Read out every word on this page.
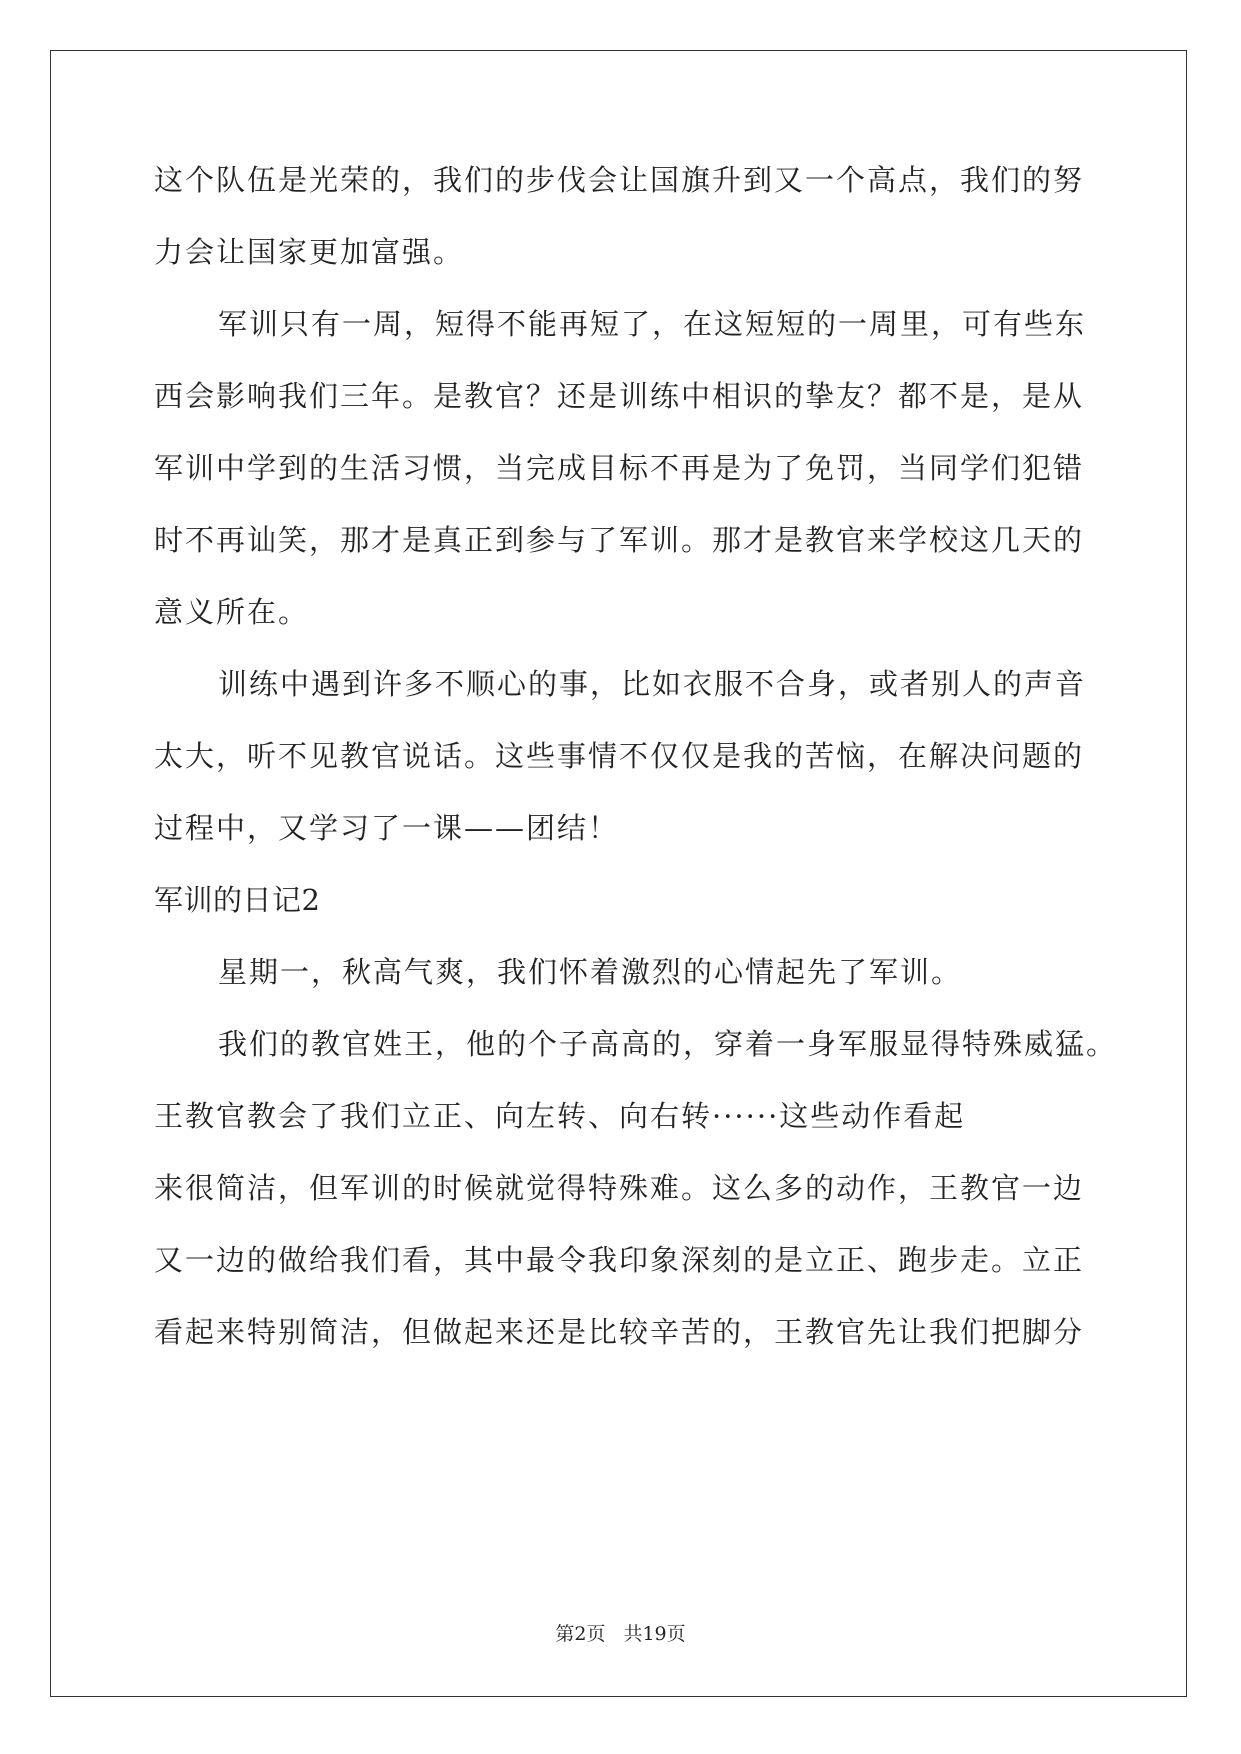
这个队伍是光荣的，我们的步伐会让国旗升到又一个高点，我们的努
力会让国家更加富强。
军训只有一周，短得不能再短了，在这短短的一周里，可有些东
西会影响我们三年。是教官？还是训练中相识的挚友？都不是，是从
军训中学到的生活习惯，当完成目标不再是为了免罚，当同学们犯错
时不再讪笑，那才是真正到参与了军训。那才是教官来学校这几天的
意义所在。
训练中遇到许多不顺心的事，比如衣服不合身，或者别人的声音
太大，听不见教官说话。这些事情不仅仅是我的苦恼，在解决问题的
过程中，又学习了一课——团结！
军训的日记2
星期一，秋高气爽，我们怀着激烈的心情起先了军训。
我们的教官姓王，他的个子高高的，穿着一身军服显得特殊威猛。
王教官教会了我们立正、向左转、向右转······这些动作看起
来很简洁，但军训的时候就觉得特殊难。这么多的动作，王教官一边
又一边的做给我们看，其中最令我印象深刻的是立正、跑步走。立正
看起来特别简洁，但做起来还是比较辛苦的，王教官先让我们把脚分
第2页 共19页
